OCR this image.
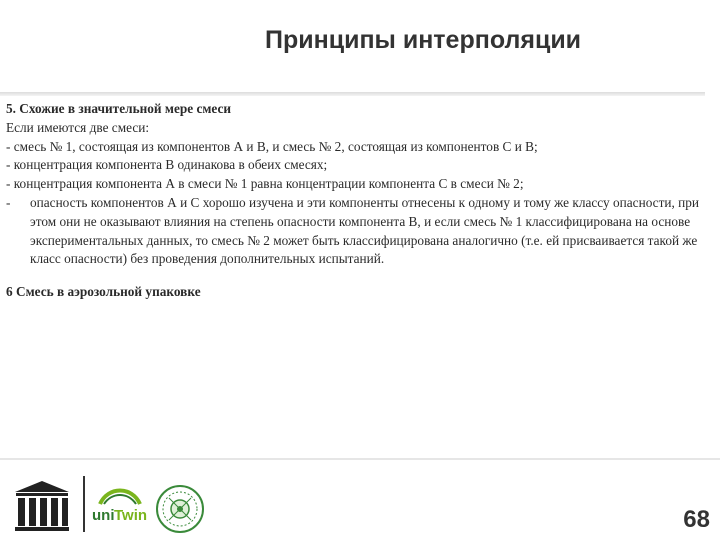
Принципы интерполяции

5. Схожие в значительной мере смеси

Если имеются две смеси:

- смесь № 1, состоящая из компонентов А и В, и смесь № 2, состоящая из компонентов С и В;

- концентрация компонента В одинакова в обеих смесях;

- концентрация компонента А в смеси № 1 равна концентрации компонента С в смеси № 2;

-	опасность компонентов А и С хорошо изучена и эти компоненты отнесены к одному и тому же классу опасности, при этом они не оказывают влияния на степень опасности компонента В, и если смесь № 1 классифицирована на основе экспериментальных данных, то смесь № 2 может быть классифицирована аналогично (т.е. ей присваивается такой же класс опасности) без проведения дополнительных испытаний.

6 Смесь в аэрозольной упаковке

uni Twin	68
